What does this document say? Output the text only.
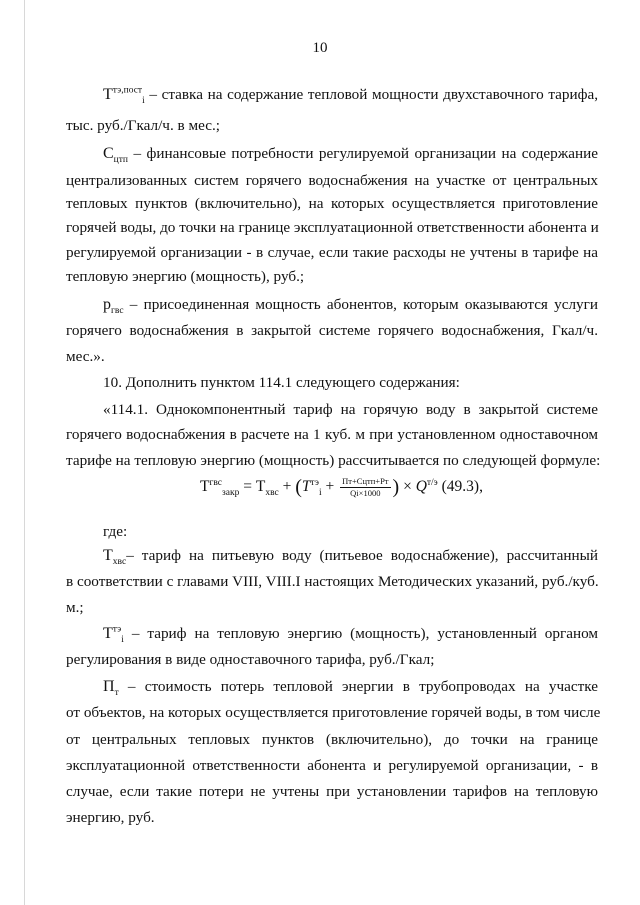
10
$T^{тэ,пост}_i$ – ставка на содержание тепловой мощности двухставочного тарифа,
тыс. руб./Гкал/ч. в мес.;
$С_{цтп}$ – финансовые потребности регулируемой организации на содержание
централизованных систем горячего водоснабжения на участке от центральных
тепловых пунктов (включительно), на которых осуществляется приготовление
горячей воды, до точки на границе эксплуатационной ответственности абонента и
регулируемой организации - в случае, если такие расходы не учтены в тарифе на
тепловую энергию (мощность), руб.;
$p_{гвс}$ – присоединенная мощность абонентов, которым оказываются услуги
горячего водоснабжения в закрытой системе горячего водоснабжения, Гкал/ч.
мес.».
10. Дополнить пунктом 114.1 следующего содержания:
«114.1. Однокомпонентный тариф на горячую воду в закрытой системе
горячего водоснабжения в расчете на 1 куб. м при установленном одноставочном
тарифе на тепловую энергию (мощность) рассчитывается по следующей формуле:
$T^{гвс}_{закр} = T_{хвс} + (T^{тэ}_i + \frac{\text{Пт+Сцтп+Рт}}{Qі\times 1000}$ ) × $Q^{т/э}$ (49.3),
где:
$T_{хвс}-$ тариф на питьевую воду (питьевое водоснабжение), рассчитанный
в соответствии с главами VIII, VIII.I настоящих Методических указаний, руб./куб.
м.;
$T^{тэ}_i$ – тариф на тепловую энергию (мощность), установленный органом
регулирования в виде одноставочного тарифа, руб./Гкал;
$П_т$ – стоимость потерь тепловой энергии в трубопроводах на участке
от объектов, на которых осуществляется приготовление горячей воды, в том числе
от центральных тепловых пунктов (включительно), до точки на границе
эксплуатационной ответственности абонента и регулируемой организации, - в
случае, если такие потери не учтены при установлении тарифов на тепловую
энергию, руб.
